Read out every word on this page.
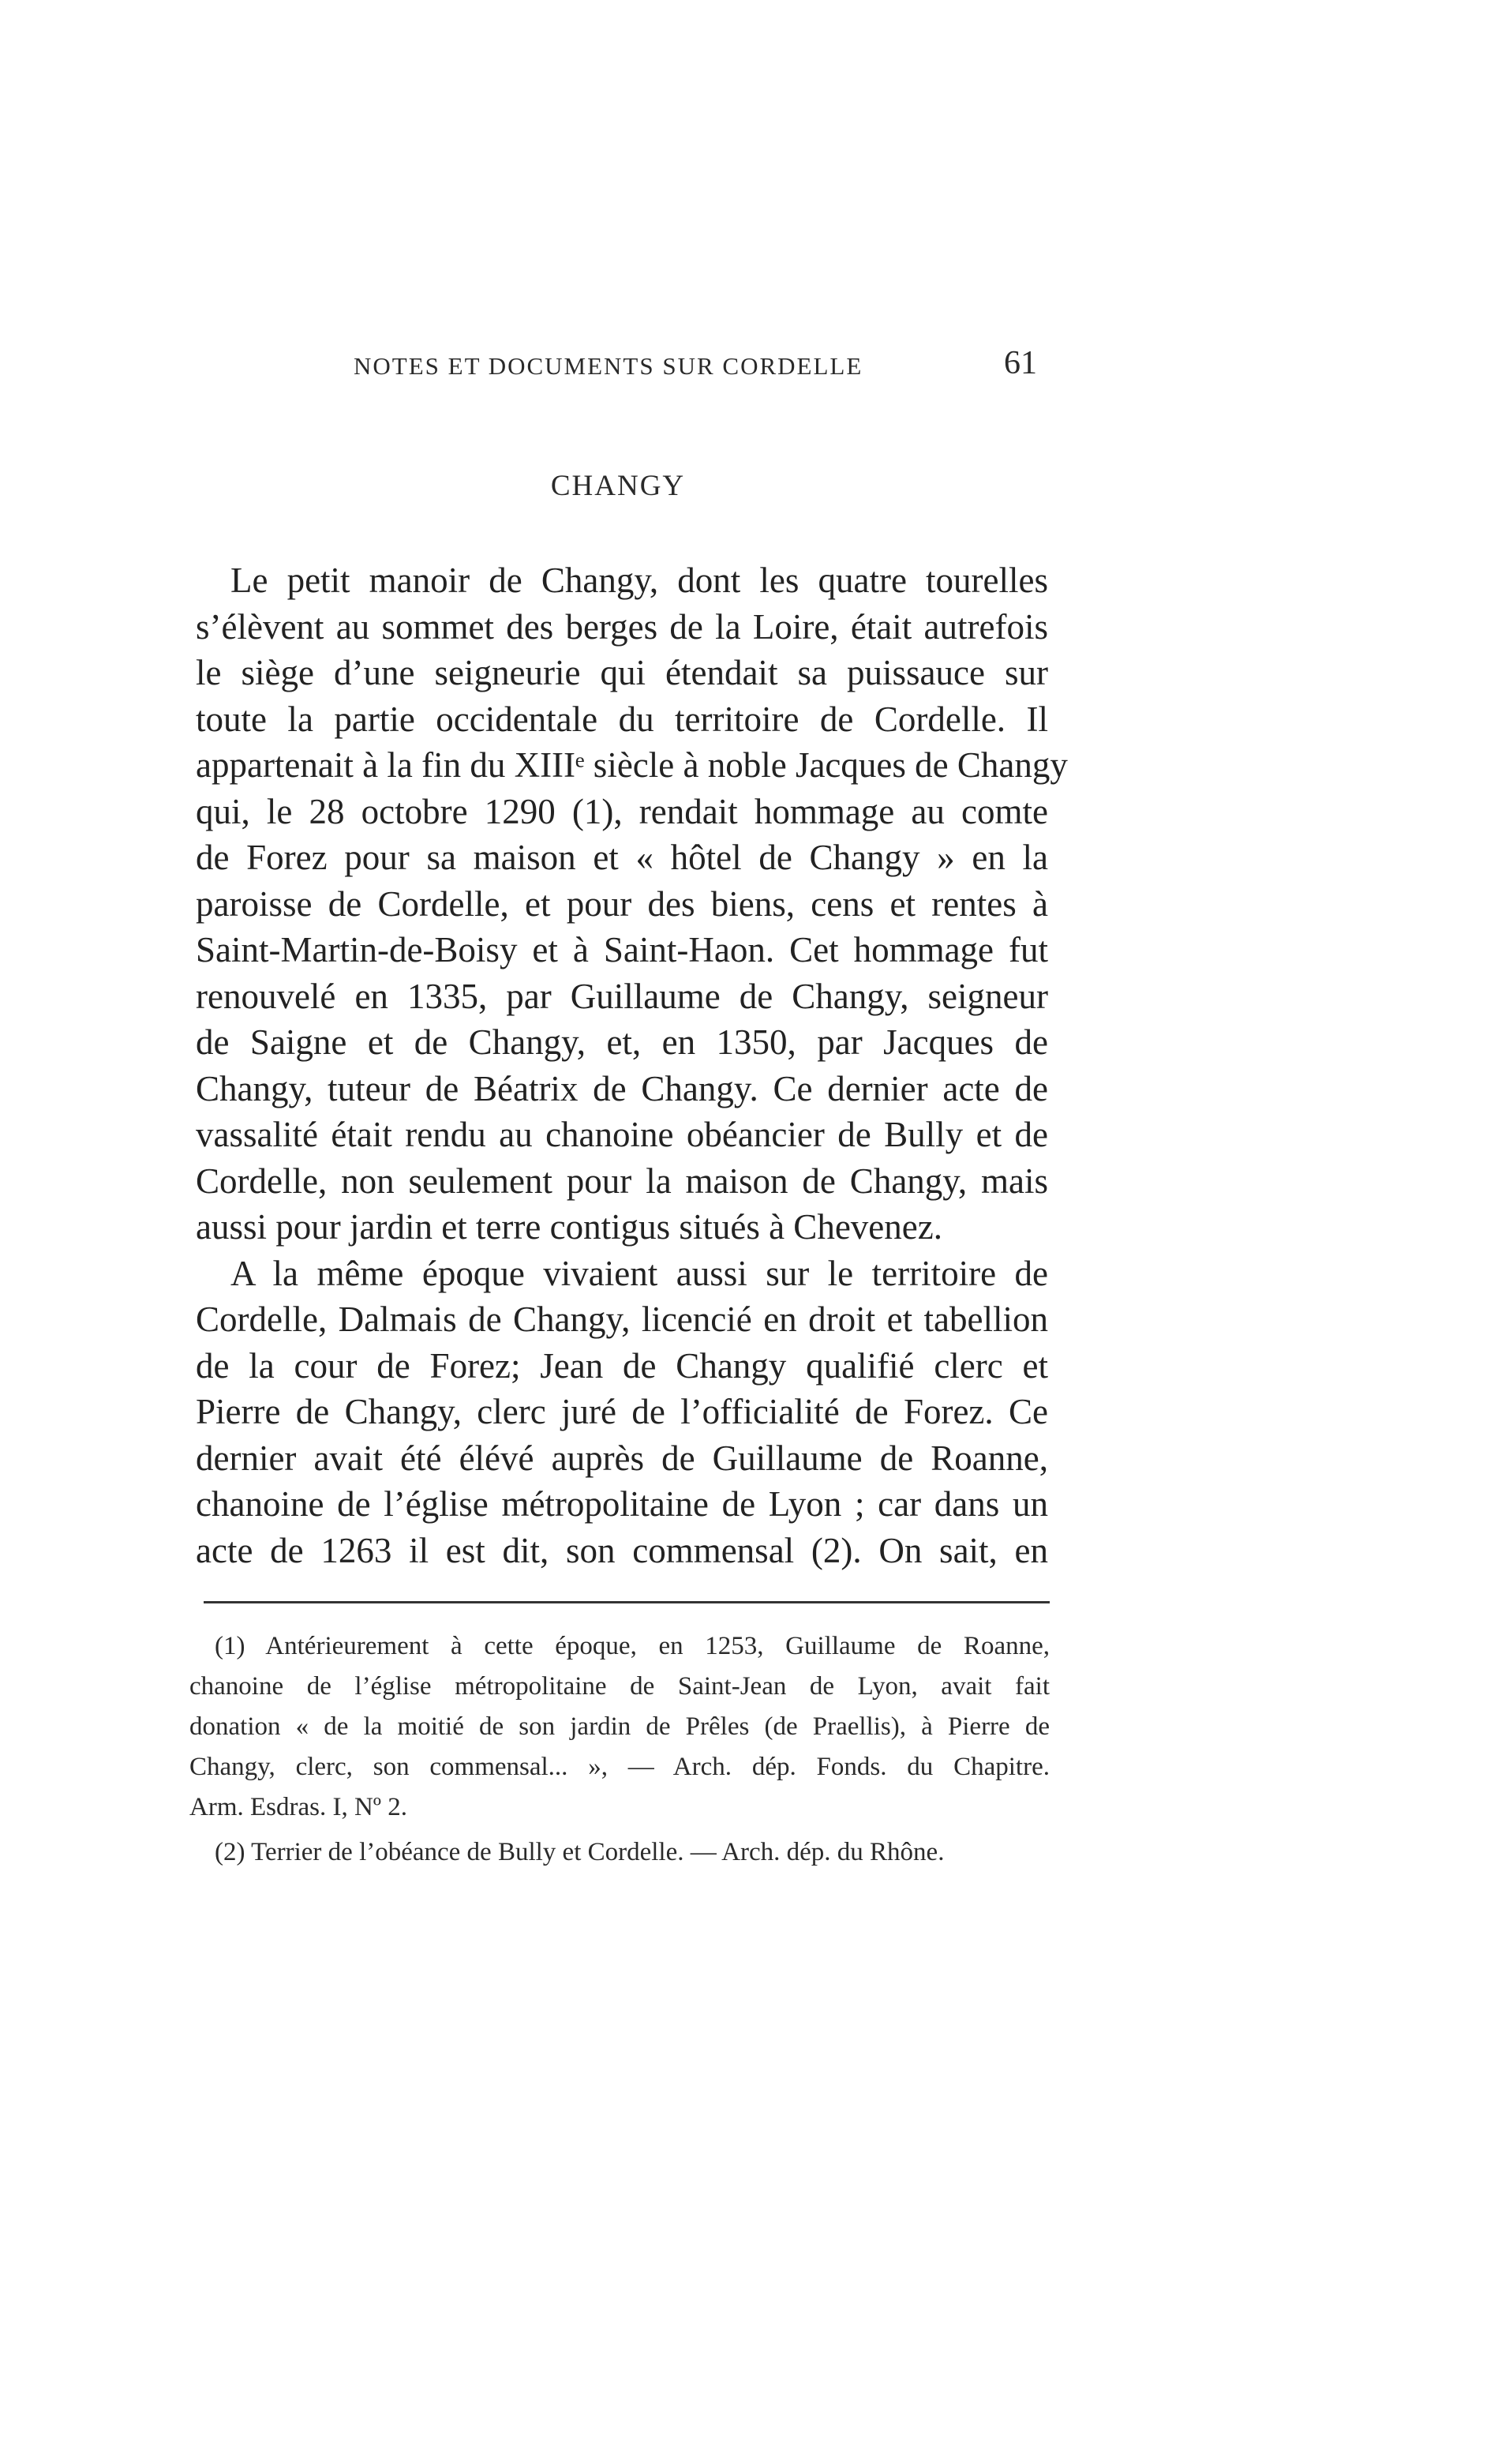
NOTES ET DOCUMENTS SUR CORDELLE	61
CHANGY
Le petit manoir de Changy, dont les quatre tourelles
s’élèvent au sommet des berges de la Loire, était autrefois
le siège d’une seigneurie qui étendait sa puissauce sur
toute la partie occidentale du territoire de Cordelle. Il
appartenait à la fin du XIIIᵉ siècle à noble Jacques de Changy
qui, le 28 octobre 1290 (1), rendait hommage au comte
de Forez pour sa maison et « hôtel de Changy » en la
paroisse de Cordelle, et pour des biens, cens et rentes à
Saint-Martin-de-Boisy et à Saint-Haon. Cet hommage fut
renouvelé en 1335, par Guillaume de Changy, seigneur
de Saigne et de Changy, et, en 1350, par Jacques de
Changy, tuteur de Béatrix de Changy. Ce dernier acte de
vassalité était rendu au chanoine obéancier de Bully et de
Cordelle, non seulement pour la maison de Changy, mais
aussi pour jardin et terre contigus situés à Chevenez.
A la même époque vivaient aussi sur le territoire de
Cordelle, Dalmais de Changy, licencié en droit et tabellion
de la cour de Forez; Jean de Changy qualifié clerc et
Pierre de Changy, clerc juré de l’officialité de Forez. Ce
dernier avait été élévé auprès de Guillaume de Roanne,
chanoine de l’église métropolitaine de Lyon ; car dans un
acte de 1263 il est dit, son commensal (2). On sait, en
(1) Antérieurement à cette époque, en 1253, Guillaume de Roanne,
chanoine de l’église métropolitaine de Saint-Jean de Lyon, avait fait
donation « de la moitié de son jardin de Prêles (de Praellis), à Pierre de
Changy, clerc, son commensal... », — Arch. dép. Fonds. du Chapitre.
Arm. Esdras. I, Nº 2.
(2) Terrier de l’obéance de Bully et Cordelle. — Arch. dép. du Rhône.
